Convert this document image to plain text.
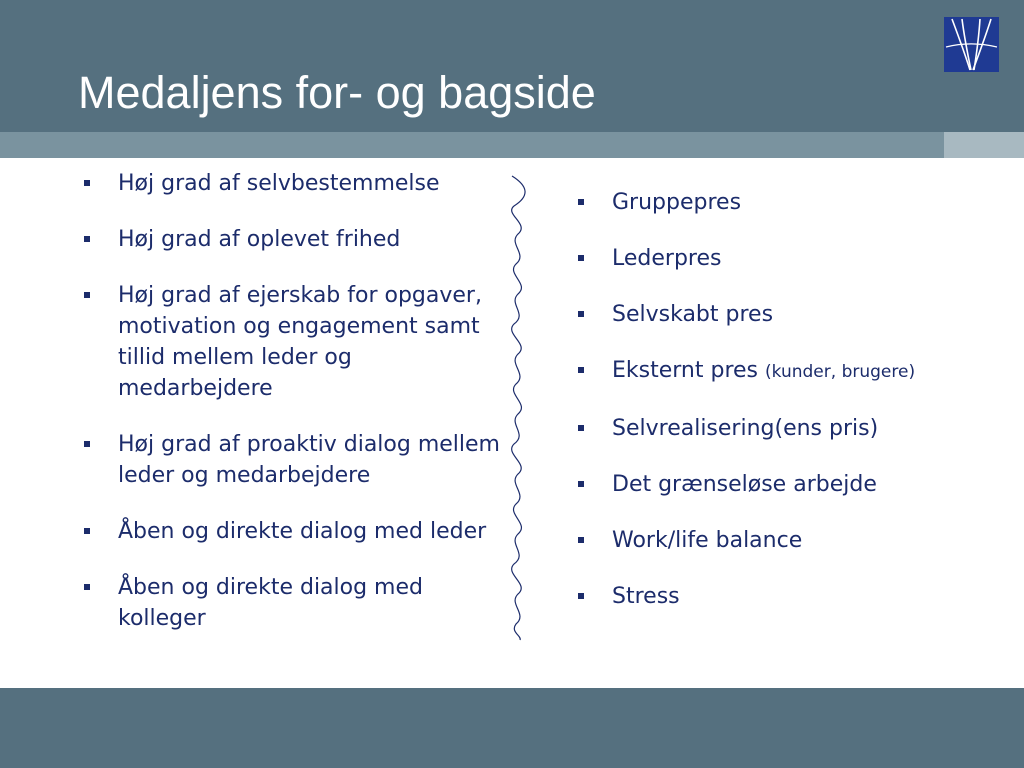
Medaljens for- og bagside
Høj grad af selvbestemmelse
Høj grad af oplevet frihed
Høj grad af ejerskab for opgaver, motivation og engagement samt tillid mellem leder og medarbejdere
Høj grad af proaktiv dialog mellem leder og medarbejdere
Åben og direkte dialog med leder
Åben og direkte dialog med kolleger
Gruppepres
Lederpres
Selvskabt pres
Eksternt pres (kunder, brugere)
Selvrealisering(ens pris)
Det grænseløse arbejde
Work/life balance
Stress
